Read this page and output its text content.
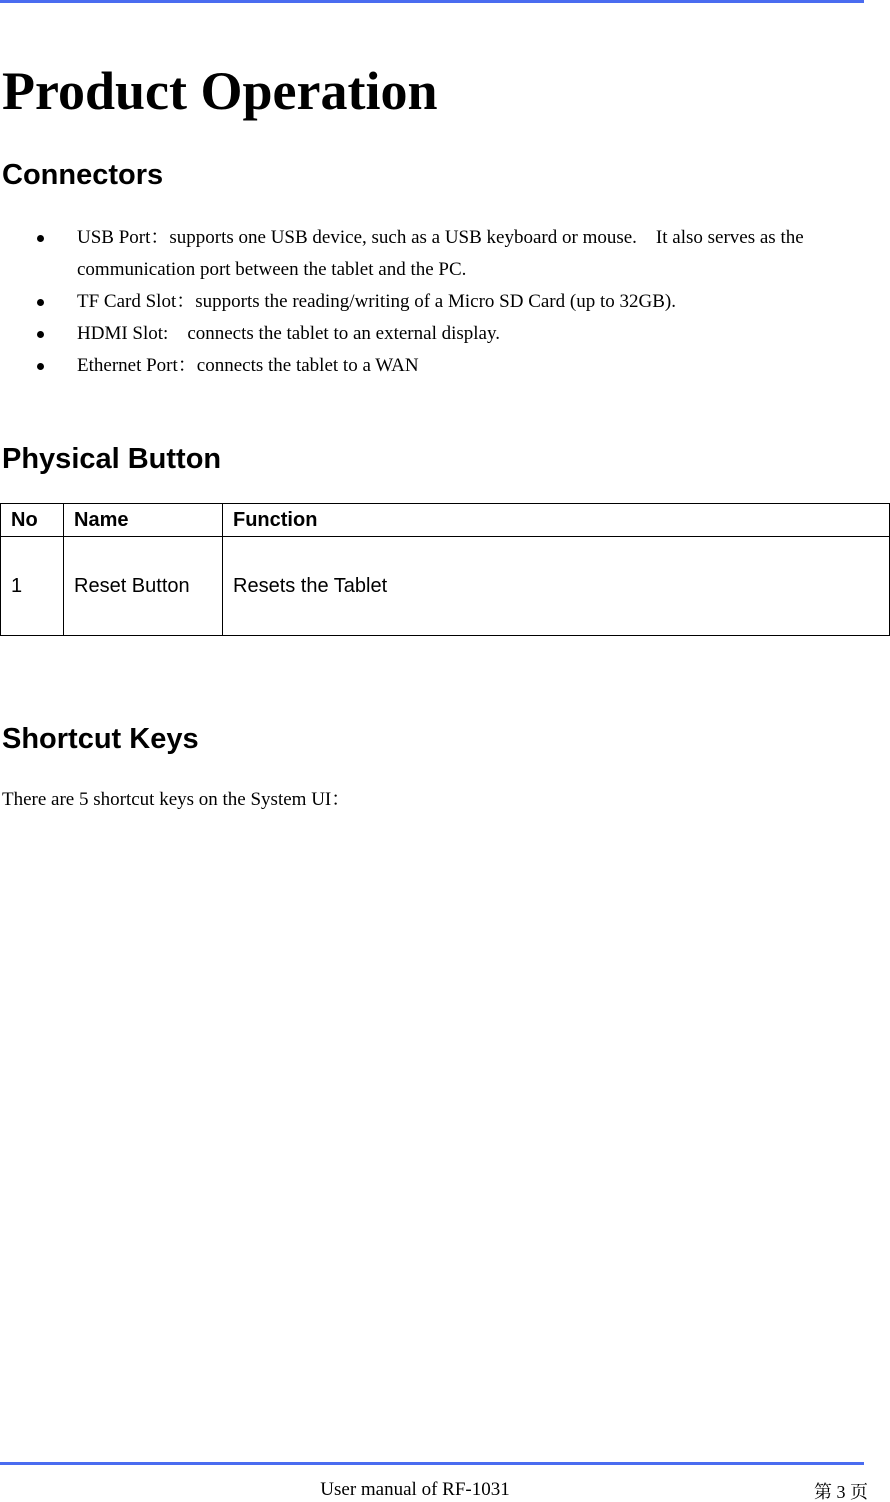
Product Operation
Connectors
USB Port：supports one USB device, such as a USB keyboard or mouse.　It also serves as the communication port between the tablet and the PC.
TF Card Slot：supports the reading/writing of a Micro SD Card (up to 32GB).
HDMI Slot:　connects the tablet to an external display.
Ethernet Port：connects the tablet to a WAN
Physical Button
No	Name	Function
1	Reset Button	Resets the Tablet
Shortcut Keys

There are 5 shortcut keys on the System UI：

User manual of RF-1031	第 3 页
